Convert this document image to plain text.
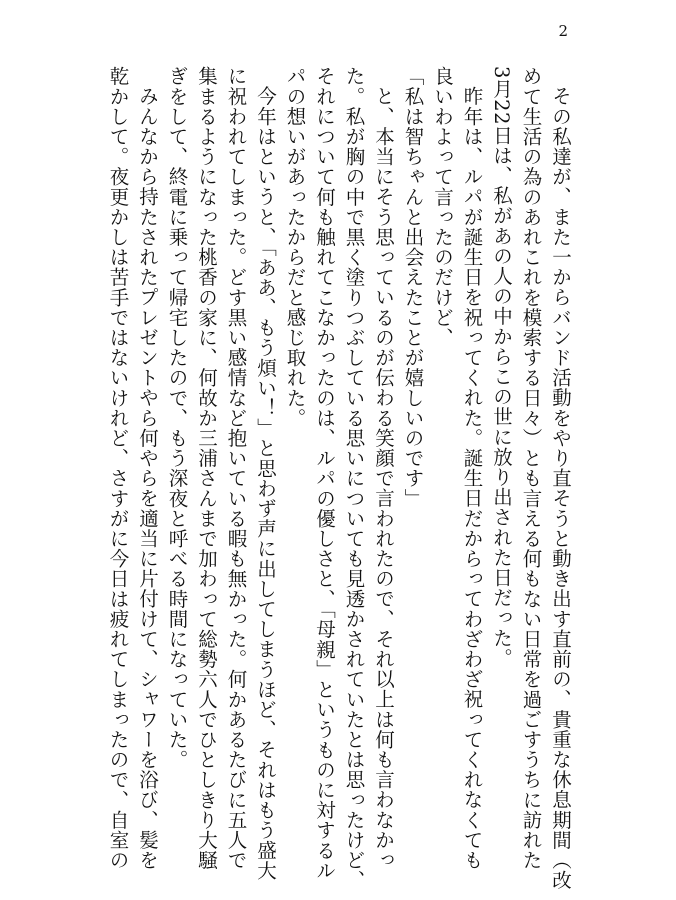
2
その私達が、また一からバンド活動をやり直そうと動き出す直前の、貴重な休息期間（改
めて生活の為のあれこれを模索する日々）とも言える何もない日常を過ごすうちに訪れた
3月22日は、私があの人の中からこの世に放り出された日だった。
昨年は、ルパが誕生日を祝ってくれた。誕生日だからってわざわざ祝ってくれなくても
良いわよって言ったのだけど、
「私は智ちゃんと出会えたことが嬉しいのです」
と、本当にそう思っているのが伝わる笑顔で言われたので、それ以上は何も言わなかっ
た。私が胸の中で黒く塗りつぶしている思いについても見透かされていたとは思ったけど、
それについて何も触れてこなかったのは、ルパの優しさと、「母親」というものに対するル
パの想いがあったからだと感じ取れた。
今年はというと、「ああ、もう煩い！」と思わず声に出してしまうほど、それはもう盛大
に祝われてしまった。どす黒い感情など抱いている暇も無かった。何かあるたびに五人で
集まるようになった桃香の家に、何故か三浦さんまで加わって総勢六人でひとしきり大騒
ぎをして、終電に乗って帰宅したので、もう深夜と呼べる時間になっていた。
みんなから持たされたプレゼントやら何やらを適当に片付けて、シャワーを浴び、髪を
乾かして。夜更かしは苦手ではないけれど、さすがに今日は疲れてしまったので、自室の
